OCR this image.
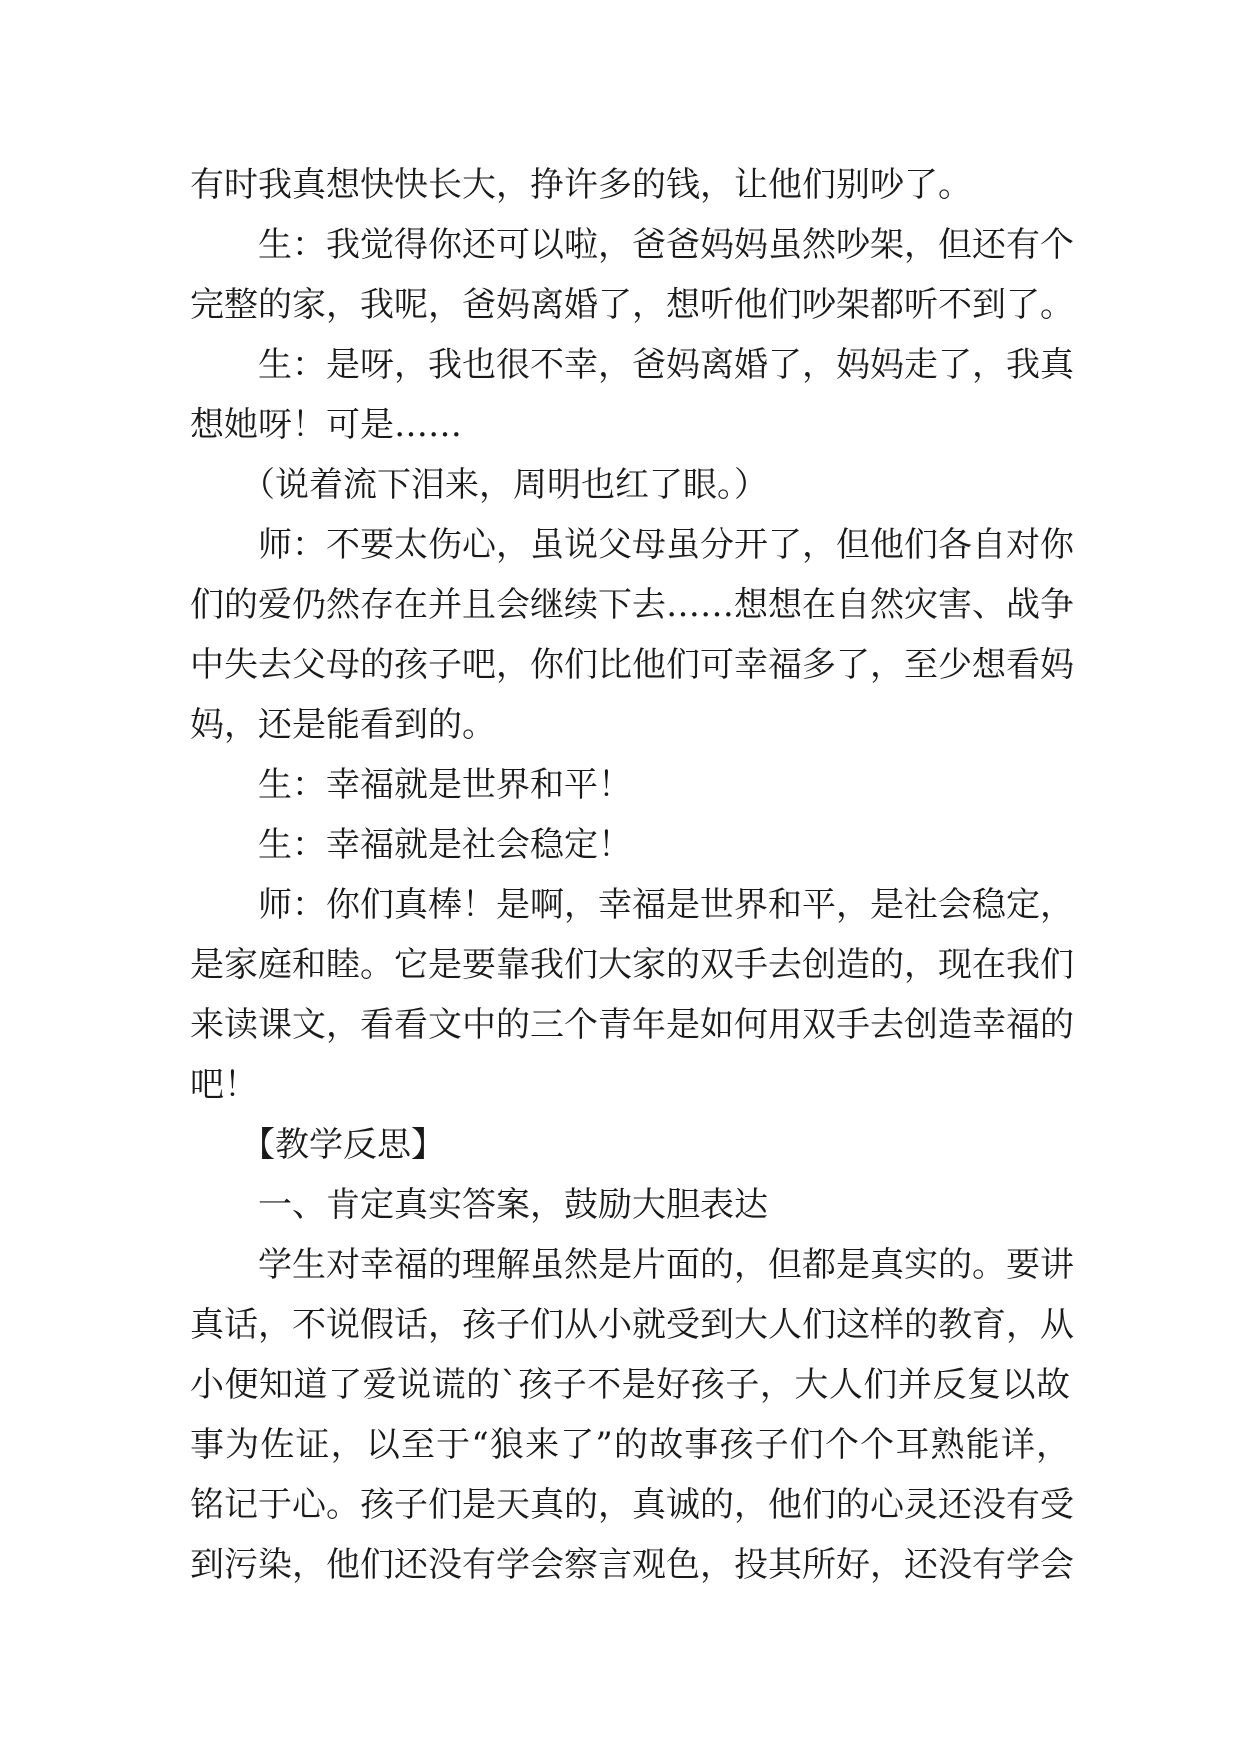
有时我真想快快长大，挣许多的钱，让他们别吵了。
　　生：我觉得你还可以啦，爸爸妈妈虽然吵架，但还有个
完整的家，我呢，爸妈离婚了，想听他们吵架都听不到了。
　　生：是呀，我也很不幸，爸妈离婚了，妈妈走了，我真
想她呀！可是……
　　（说着流下泪来，周明也红了眼。）
　　师：不要太伤心，虽说父母虽分开了，但他们各自对你
们的爱仍然存在并且会继续下去……想想在自然灾害、战争
中失去父母的孩子吧，你们比他们可幸福多了，至少想看妈
妈，还是能看到的。
　　生：幸福就是世界和平！
　　生：幸福就是社会稳定！
　　师：你们真棒！是啊，幸福是世界和平，是社会稳定，
是家庭和睦。它是要靠我们大家的双手去创造的，现在我们
来读课文，看看文中的三个青年是如何用双手去创造幸福的
吧！
　　【教学反思】
　　一、肯定真实答案，鼓励大胆表达
　　学生对幸福的理解虽然是片面的，但都是真实的。要讲
真话，不说假话，孩子们从小就受到大人们这样的教育，从
小便知道了爱说谎的`孩子不是好孩子，大人们并反复以故
事为佐证，以至于“狼来了”的故事孩子们个个耳熟能详，
铭记于心。孩子们是天真的，真诚的，他们的心灵还没有受
到污染，他们还没有学会察言观色，投其所好，还没有学会
